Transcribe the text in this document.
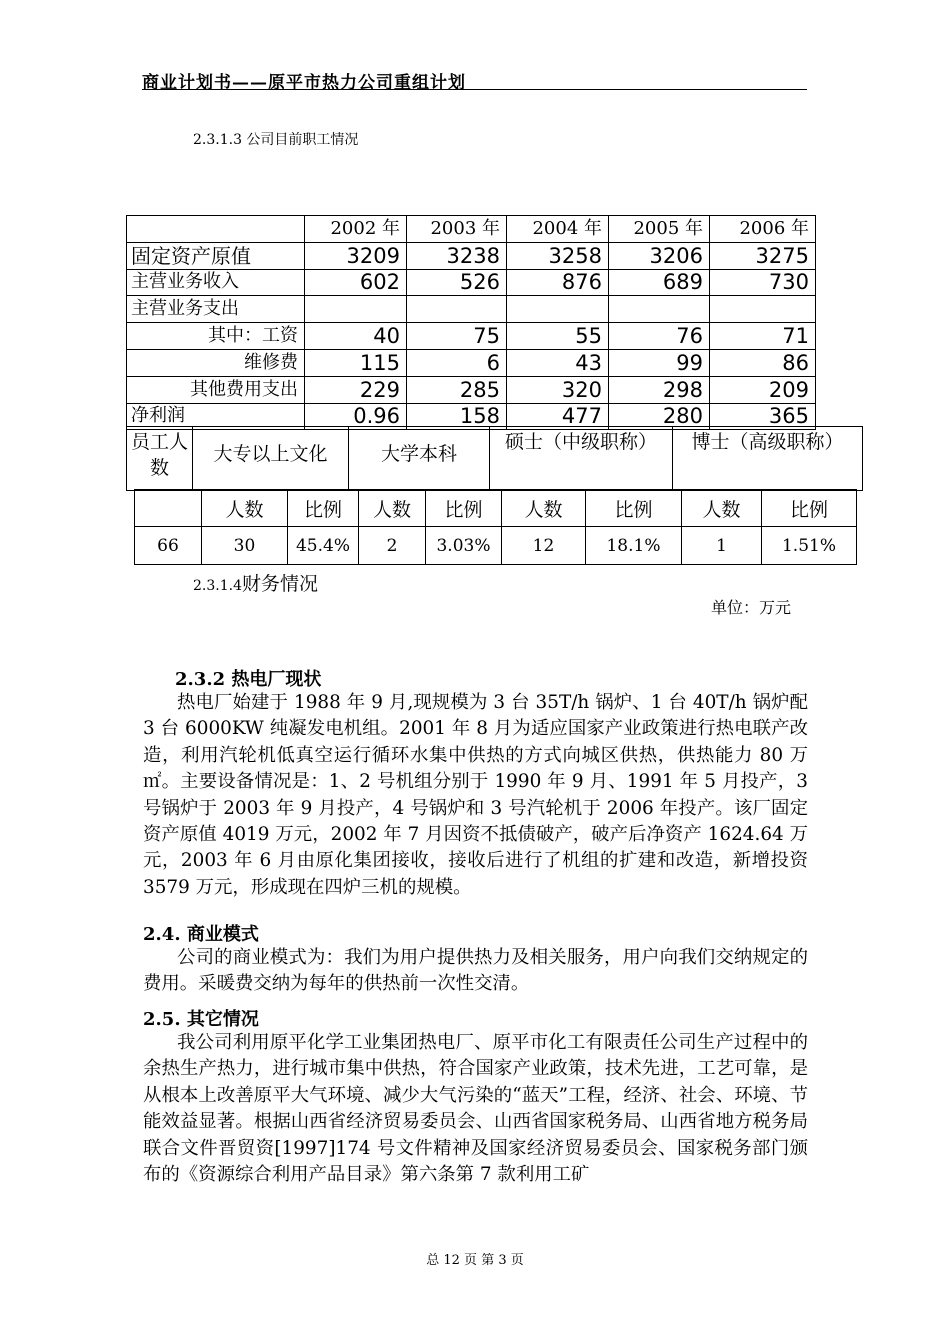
商业计划书——原平市热力公司重组计划
2.3.1.3 公司目前职工情况
	2002 年	2003 年	2004 年	2005 年	2006 年
固定资产原值	3209	3238	3258	3206	3275
主营业务收入	602	526	876	689	730
主营业务支出					
其中：工资	40	75	55	76	71
维修费	115	6	43	99	86
其他费用支出	229	285	320	298	209
净利润	0.96	158	477	280	365
员工人数	大专以上文化	大学本科	硕士（中级职称）	博士（高级职称）
	人数	比例	人数	比例	人数	比例	人数	比例
66	30	45.4%	2	3.03%	12	18.1%	1	1.51%
2.3.1.4财务情况
单位：万元
2.3.2 热电厂现状
热电厂始建于 1988 年 9 月,现规模为 3 台 35T/h 锅炉、1 台 40T/h 锅炉配 3 台 6000KW 纯凝发电机组。2001 年 8 月为适应国家产业政策进行热电联产改造，利用汽轮机低真空运行循环水集中供热的方式向城区供热，供热能力 80 万㎡。主要设备情况是：1、2 号机组分别于 1990 年 9 月、1991 年 5 月投产，3 号锅炉于 2003 年 9 月投产，4 号锅炉和 3 号汽轮机于 2006 年投产。该厂固定资产原值 4019 万元，2002 年 7 月因资不抵债破产，破产后净资产 1624.64 万元，2003 年 6 月由原化集团接收，接收后进行了机组的扩建和改造，新增投资 3579 万元，形成现在四炉三机的规模。
2.4. 商业模式
公司的商业模式为：我们为用户提供热力及相关服务，用户向我们交纳规定的费用。采暖费交纳为每年的供热前一次性交清。
2.5. 其它情况
我公司利用原平化学工业集团热电厂、原平市化工有限责任公司生产过程中的余热生产热力，进行城市集中供热，符合国家产业政策，技术先进，工艺可靠，是从根本上改善原平大气环境、减少大气污染的“蓝天”工程，经济、社会、环境、节能效益显著。根据山西省经济贸易委员会、山西省国家税务局、山西省地方税务局联合文件晋贸资[1997]174 号文件精神及国家经济贸易委员会、国家税务部门颁布的《资源综合利用产品目录》第六条第 7 款利用工矿
总 12 页 第 3 页
